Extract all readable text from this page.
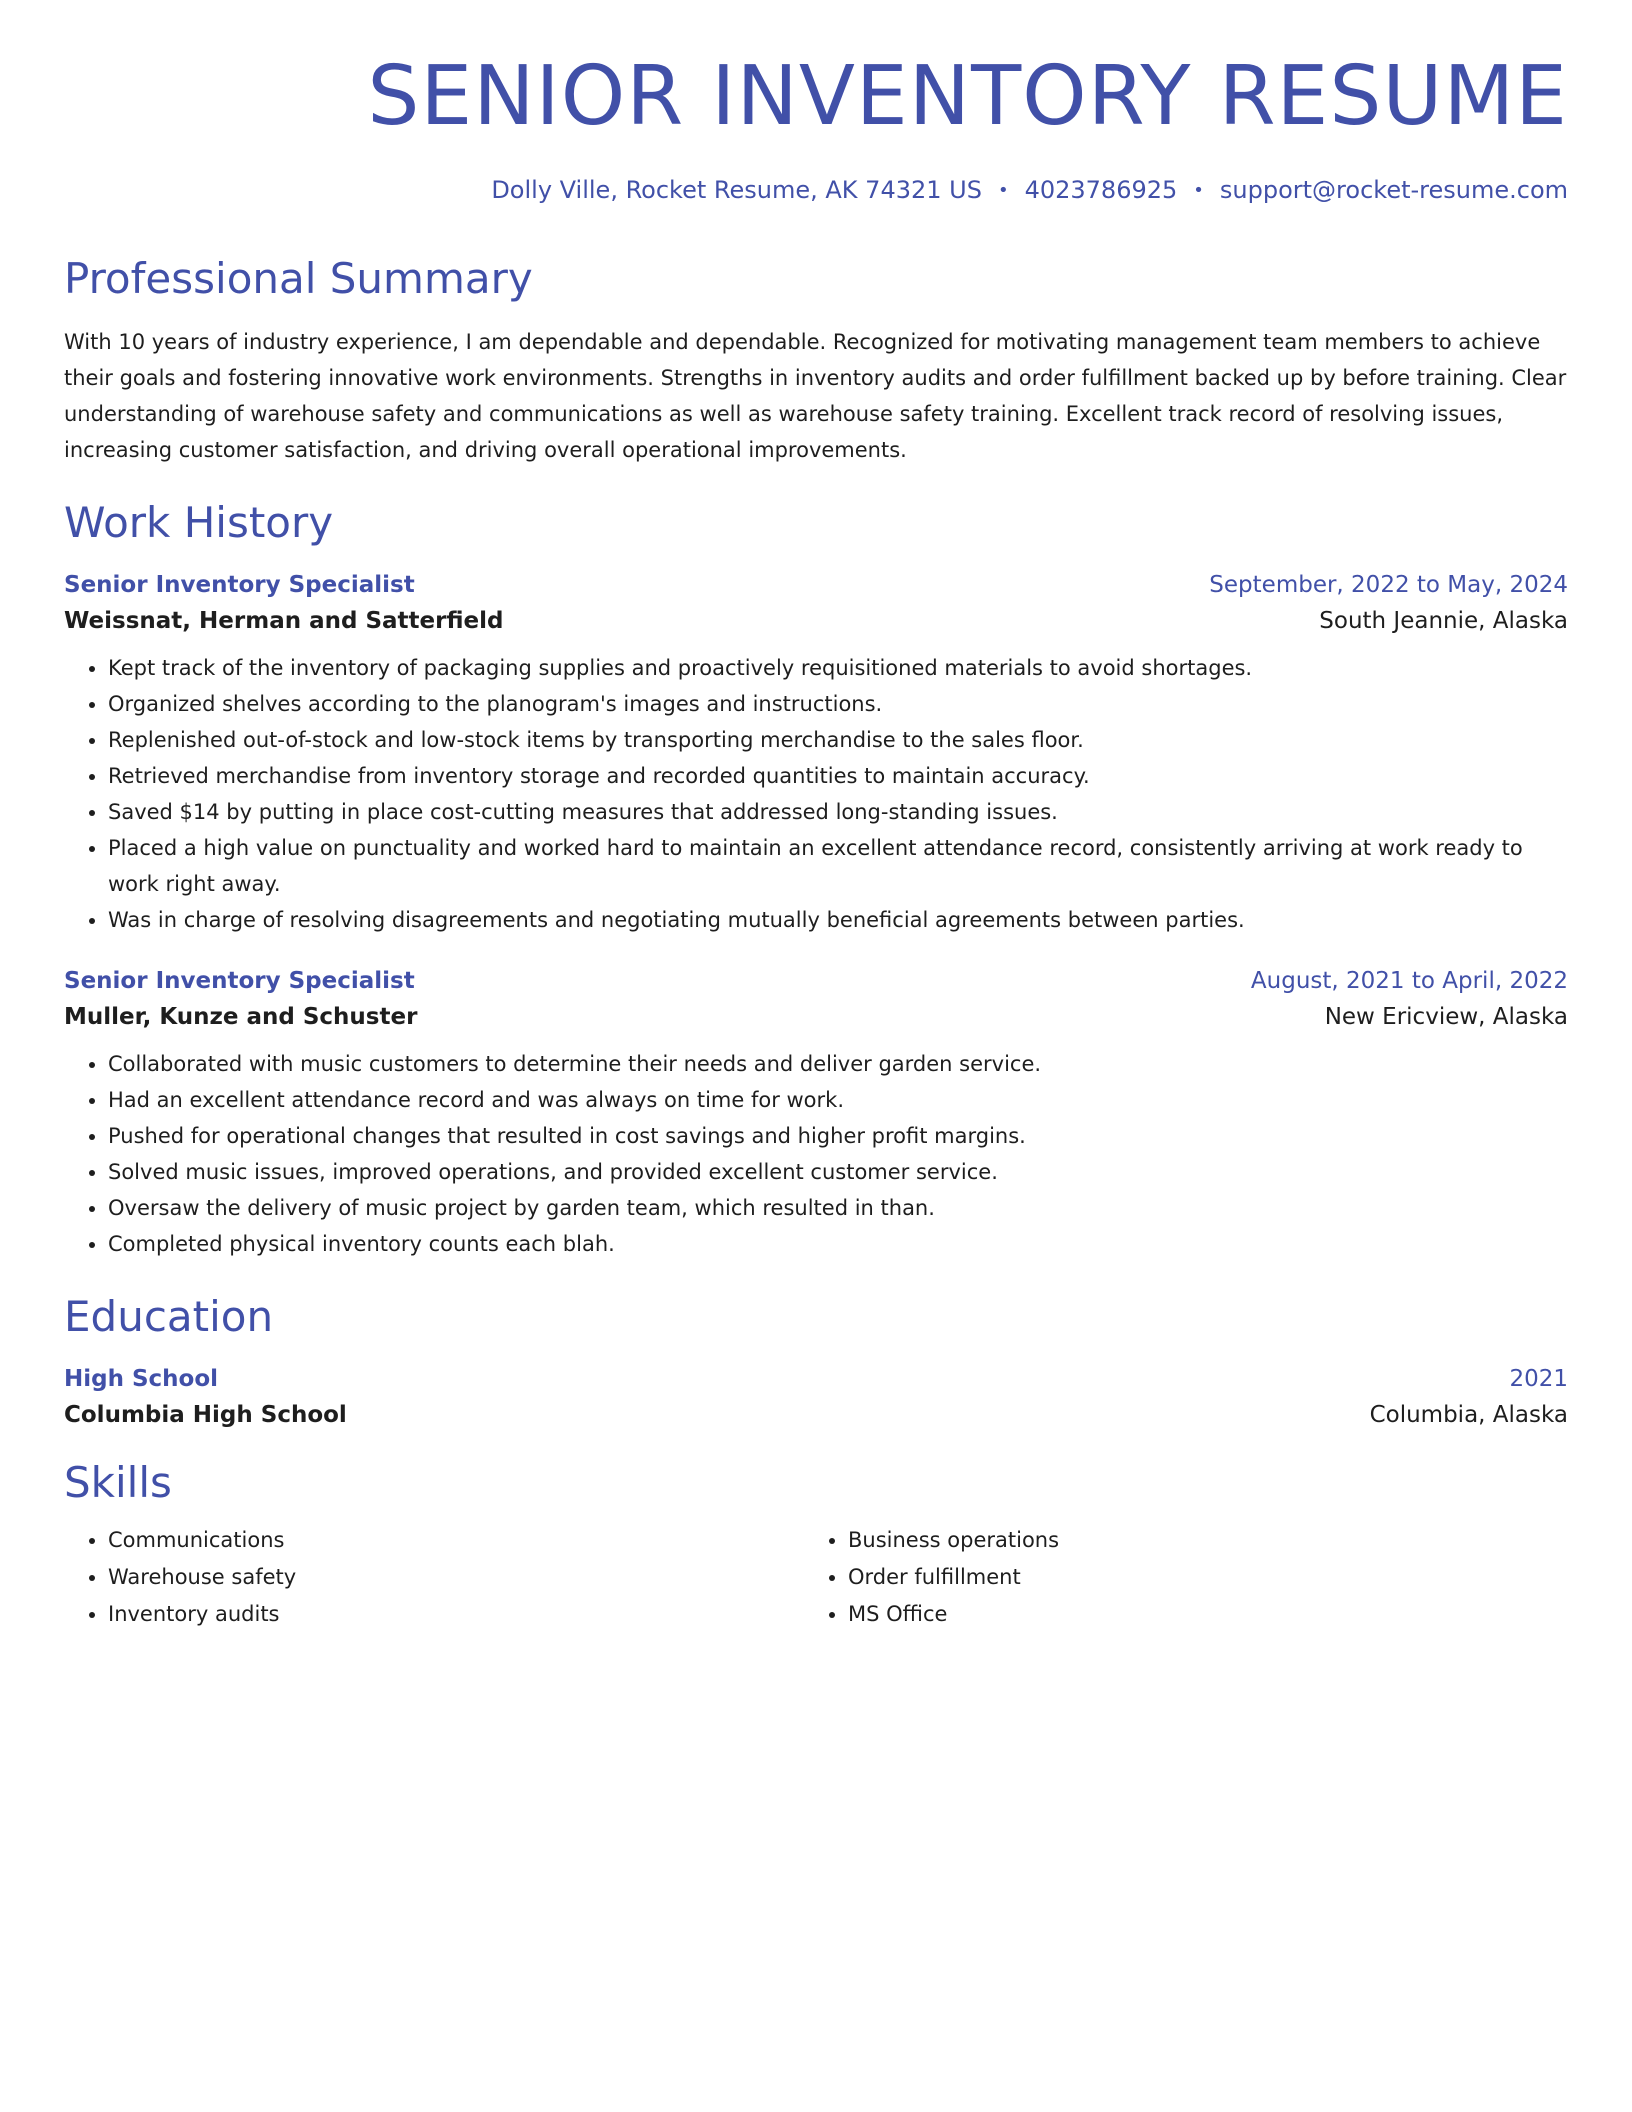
SENIOR INVENTORY RESUME
Dolly Ville, Rocket Resume, AK 74321 US • 4023786925 • support@rocket-resume.com
Professional Summary

With 10 years of industry experience, I am dependable and dependable. Recognized for motivating management team members to achieve their goals and fostering innovative work environments. Strengths in inventory audits and order fulfillment backed up by before training. Clear understanding of warehouse safety and communications as well as warehouse safety training. Excellent track record of resolving issues, increasing customer satisfaction, and driving overall operational improvements.

Work History
Senior Inventory Specialist	September, 2022 to May, 2024
Weissnat, Herman and Satterfield	South Jeannie, Alaska
• Kept track of the inventory of packaging supplies and proactively requisitioned materials to avoid shortages.
• Organized shelves according to the planogram's images and instructions.
• Replenished out-of-stock and low-stock items by transporting merchandise to the sales floor.
• Retrieved merchandise from inventory storage and recorded quantities to maintain accuracy.
• Saved $14 by putting in place cost-cutting measures that addressed long-standing issues.
• Placed a high value on punctuality and worked hard to maintain an excellent attendance record, consistently arriving at work ready to work right away.
• Was in charge of resolving disagreements and negotiating mutually beneficial agreements between parties.
Senior Inventory Specialist	August, 2021 to April, 2022
Muller, Kunze and Schuster	New Ericview, Alaska
• Collaborated with music customers to determine their needs and deliver garden service.
• Had an excellent attendance record and was always on time for work.
• Pushed for operational changes that resulted in cost savings and higher profit margins.
• Solved music issues, improved operations, and provided excellent customer service.
• Oversaw the delivery of music project by garden team, which resulted in than.
• Completed physical inventory counts each blah.
Education
High School	2021
Columbia High School	Columbia, Alaska
Skills
• Communications
• Warehouse safety
• Inventory audits
• Business operations
• Order fulfillment
• MS Office
